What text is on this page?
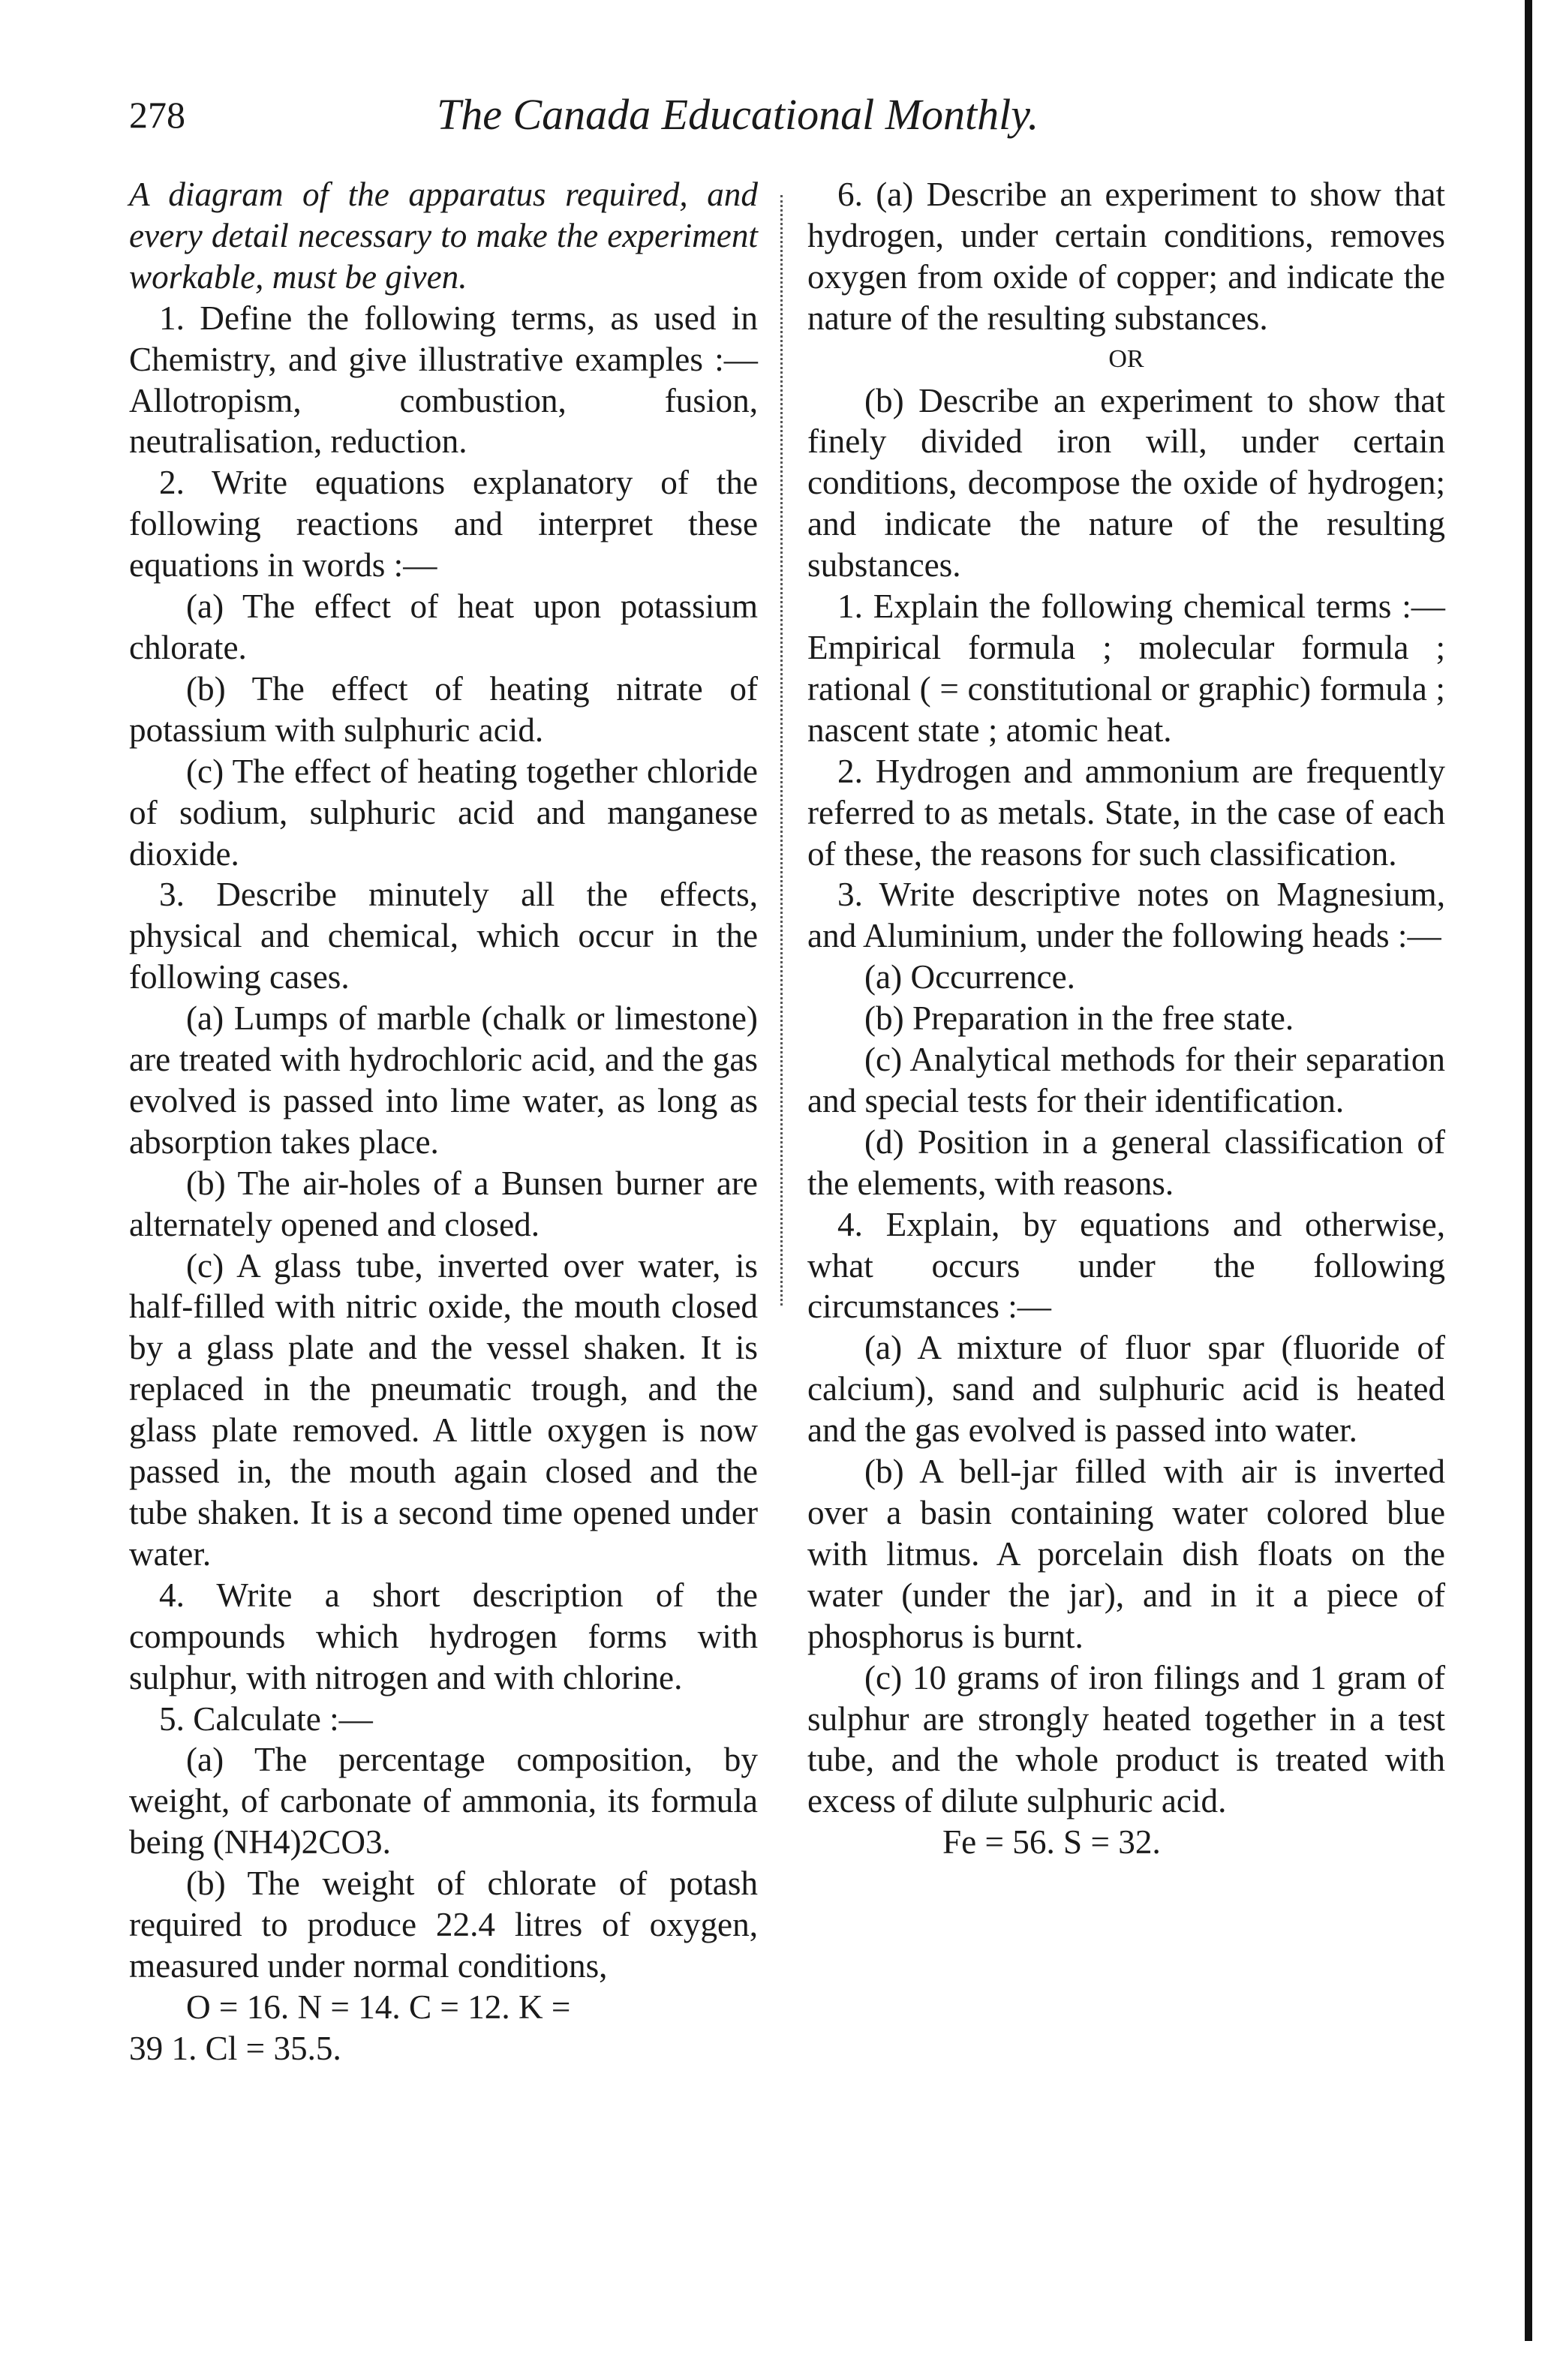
278	The Canada Educational Monthly.

A diagram of the apparatus required, and every detail necessary to make the experiment workable, must be given.

1. Define the following terms, as used in Chemistry, and give illustrative examples :—Allotropism, combustion, fusion, neutralisation, reduction.

2. Write equations explanatory of the following reactions and interpret these equations in words :—

(a) The effect of heat upon potassium chlorate.

(b) The effect of heating nitrate of potassium with sulphuric acid.

(c) The effect of heating together chloride of sodium, sulphuric acid and manganese dioxide.

3. Describe minutely all the effects, physical and chemical, which occur in the following cases.

(a) Lumps of marble (chalk or limestone) are treated with hydrochloric acid, and the gas evolved is passed into lime water, as long as absorption takes place.

(b) The air-holes of a Bunsen burner are alternately opened and closed.

(c) A glass tube, inverted over water, is half-filled with nitric oxide, the mouth closed by a glass plate and the vessel shaken. It is replaced in the pneumatic trough, and the glass plate removed. A little oxygen is now passed in, the mouth again closed and the tube shaken. It is a second time opened under water.

4. Write a short description of the compounds which hydrogen forms with sulphur, with nitrogen and with chlorine.

5. Calculate :—

(a) The percentage composition, by weight, of carbonate of ammonia, its formula being (NH4)2CO3.

(b) The weight of chlorate of potash required to produce 22.4 litres of oxygen, measured under normal conditions,

O = 16. N = 14. C = 12. K =

39 1. Cl = 35.5.

6. (a) Describe an experiment to show that hydrogen, under certain conditions, removes oxygen from oxide of copper; and indicate the nature of the resulting substances.

OR

(b) Describe an experiment to show that finely divided iron will, under certain conditions, decompose the oxide of hydrogen; and indicate the nature of the resulting substances.

1. Explain the following chemical terms :—Empirical formula ; molecular formula ; rational ( = constitutional or graphic) formula ; nascent state ; atomic heat.

2. Hydrogen and ammonium are frequently referred to as metals. State, in the case of each of these, the reasons for such classification.

3. Write descriptive notes on Magnesium, and Aluminium, under the following heads :—

(a) Occurrence.

(b) Preparation in the free state.

(c) Analytical methods for their separation and special tests for their identification.

(d) Position in a general classification of the elements, with reasons.

4. Explain, by equations and otherwise, what occurs under the following circumstances :—

(a) A mixture of fluor spar (fluoride of calcium), sand and sulphuric acid is heated and the gas evolved is passed into water.

(b) A bell-jar filled with air is inverted over a basin containing water colored blue with litmus. A porcelain dish floats on the water (under the jar), and in it a piece of phosphorus is burnt.

(c) 10 grams of iron filings and 1 gram of sulphur are strongly heated together in a test tube, and the whole product is treated with excess of dilute sulphuric acid.

Fe = 56. S = 32.
